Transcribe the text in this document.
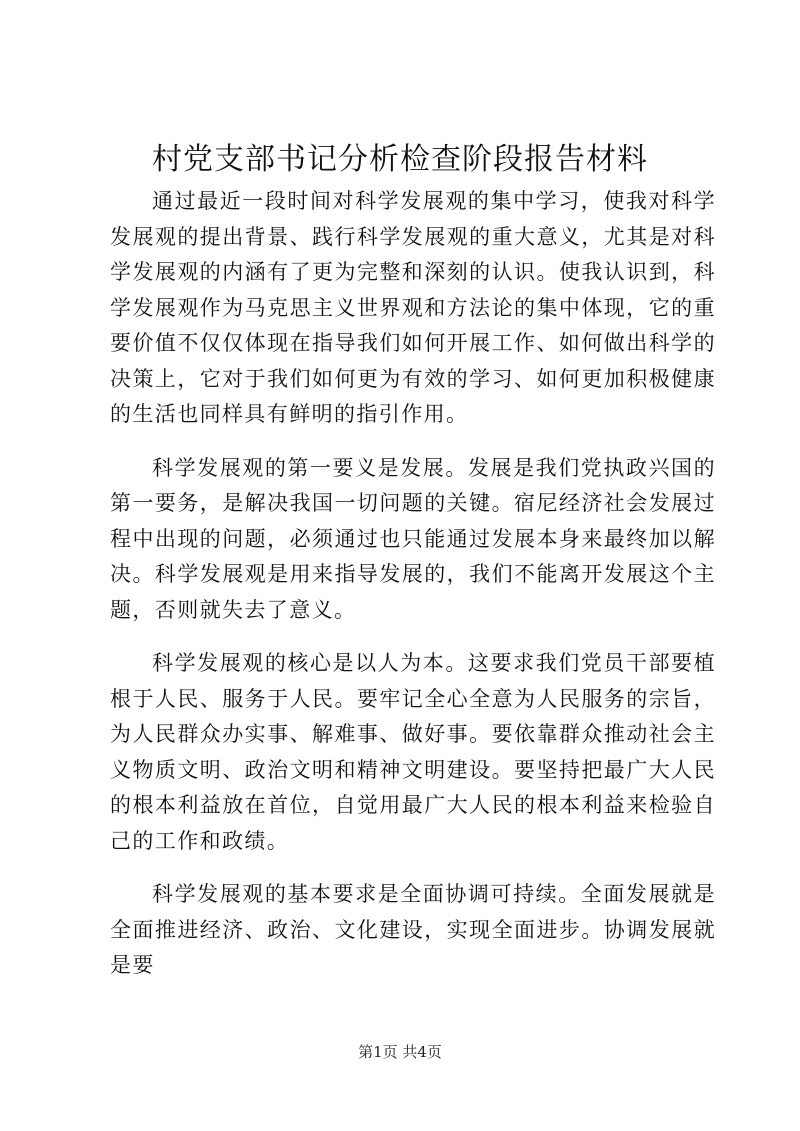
村党支部书记分析检查阶段报告材料

通过最近一段时间对科学发展观的集中学习，使我对科学发展观的提出背景、践行科学发展观的重大意义，尤其是对科学发展观的内涵有了更为完整和深刻的认识。使我认识到，科学发展观作为马克思主义世界观和方法论的集中体现，它的重要价值不仅仅体现在指导我们如何开展工作、如何做出科学的决策上，它对于我们如何更为有效的学习、如何更加积极健康的生活也同样具有鲜明的指引作用。

科学发展观的第一要义是发展。发展是我们党执政兴国的第一要务，是解决我国一切问题的关键。宿尼经济社会发展过程中出现的问题，必须通过也只能通过发展本身来最终加以解决。科学发展观是用来指导发展的，我们不能离开发展这个主题，否则就失去了意义。

科学发展观的核心是以人为本。这要求我们党员干部要植根于人民、服务于人民。要牢记全心全意为人民服务的宗旨，为人民群众办实事、解难事、做好事。要依靠群众推动社会主义物质文明、政治文明和精神文明建设。要坚持把最广大人民的根本利益放在首位，自觉用最广大人民的根本利益来检验自己的工作和政绩。

科学发展观的基本要求是全面协调可持续。全面发展就是全面推进经济、政治、文化建设，实现全面进步。协调发展就是要

第1页 共4页
